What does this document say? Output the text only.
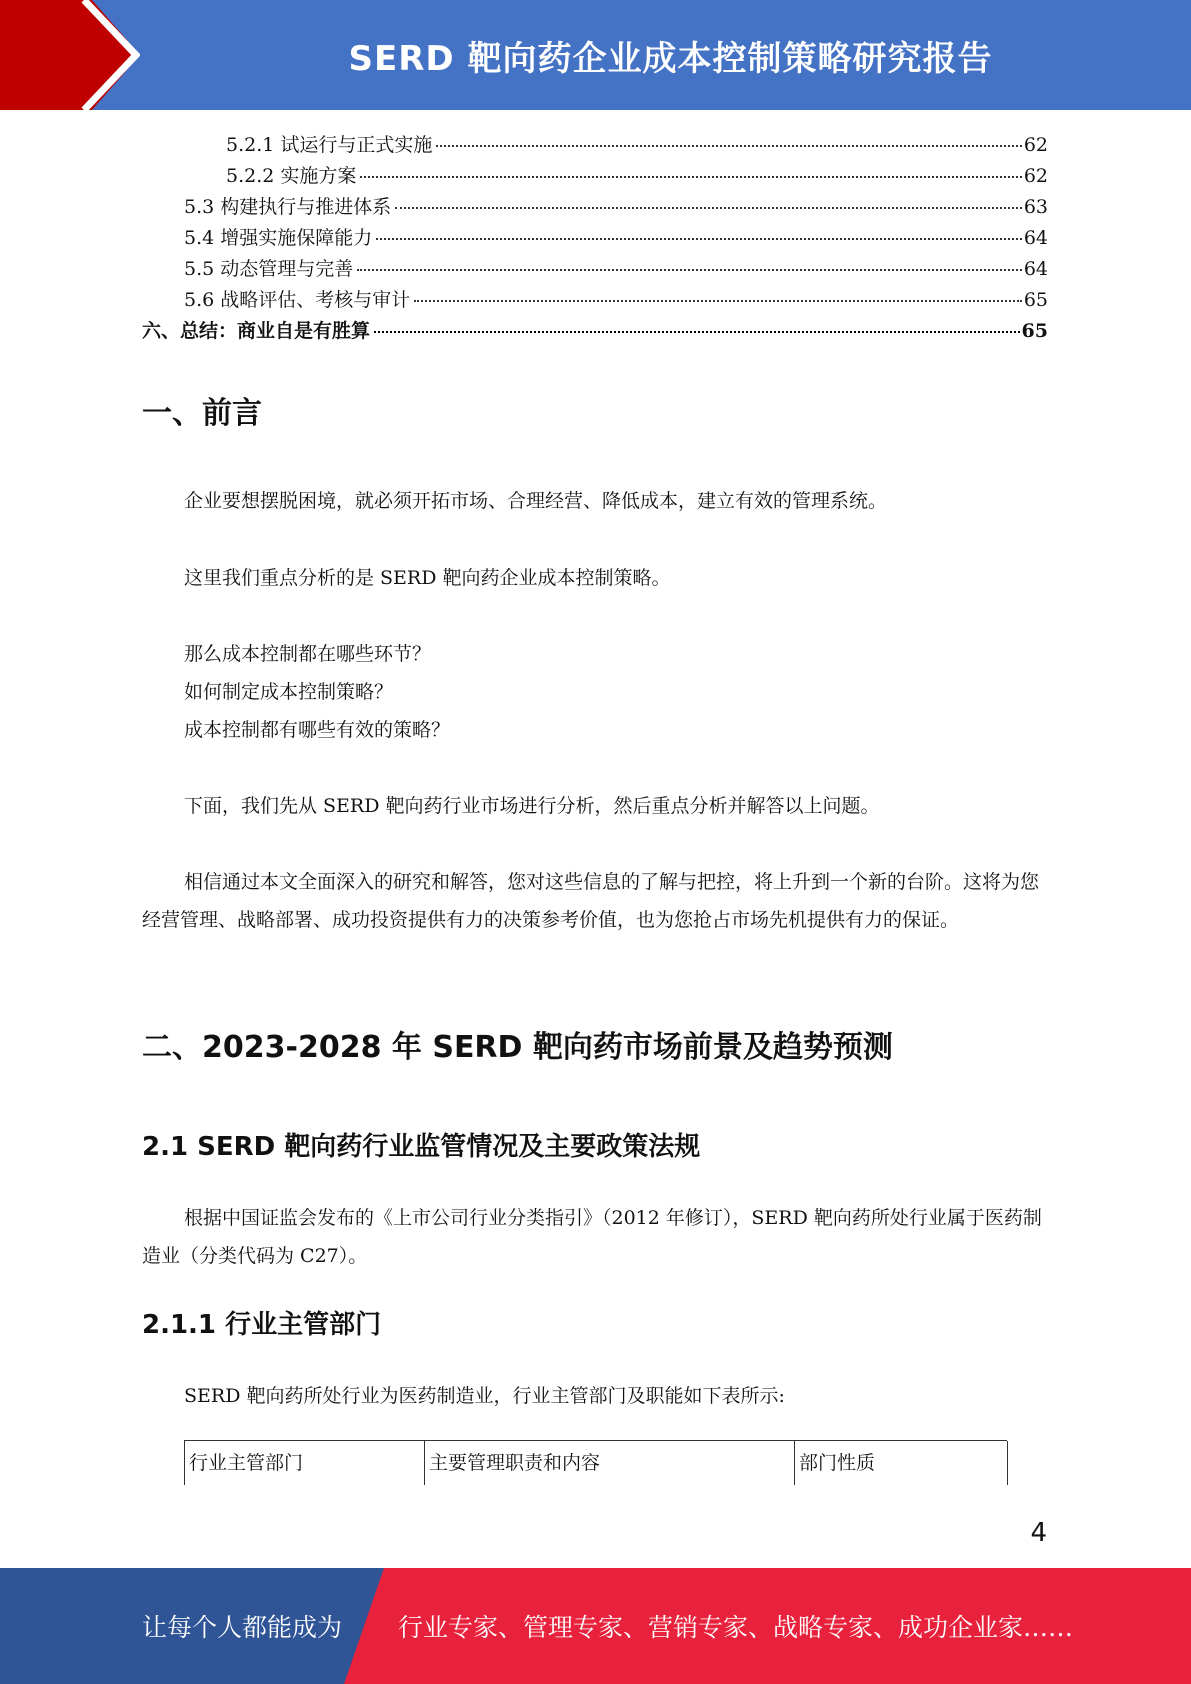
SERD 靶向药企业成本控制策略研究报告
5.2.1 试运行与正式实施	62
5.2.2 实施方案	62
5.3 构建执行与推进体系	63
5.4 增强实施保障能力	64
5.5 动态管理与完善	64
5.6 战略评估、考核与审计	65
六、总结：商业自是有胜算	65
一、前言
企业要想摆脱困境，就必须开拓市场、合理经营、降低成本，建立有效的管理系统。
这里我们重点分析的是 SERD 靶向药企业成本控制策略。
那么成本控制都在哪些环节？
如何制定成本控制策略？
成本控制都有哪些有效的策略？
下面，我们先从 SERD 靶向药行业市场进行分析，然后重点分析并解答以上问题。
相信通过本文全面深入的研究和解答，您对这些信息的了解与把控，将上升到一个新的台阶。这将为您经营管理、战略部署、成功投资提供有力的决策参考价值，也为您抢占市场先机提供有力的保证。
二、2023-2028 年 SERD 靶向药市场前景及趋势预测
2.1 SERD 靶向药行业监管情况及主要政策法规
根据中国证监会发布的《上市公司行业分类指引》（2012 年修订），SERD 靶向药所处行业属于医药制造业（分类代码为 C27）。
2.1.1 行业主管部门
SERD 靶向药所处行业为医药制造业，行业主管部门及职能如下表所示:
行业主管部门	主要管理职责和内容	部门性质
4
让每个人都能成为 行业专家、管理专家、营销专家、战略专家、成功企业家……
